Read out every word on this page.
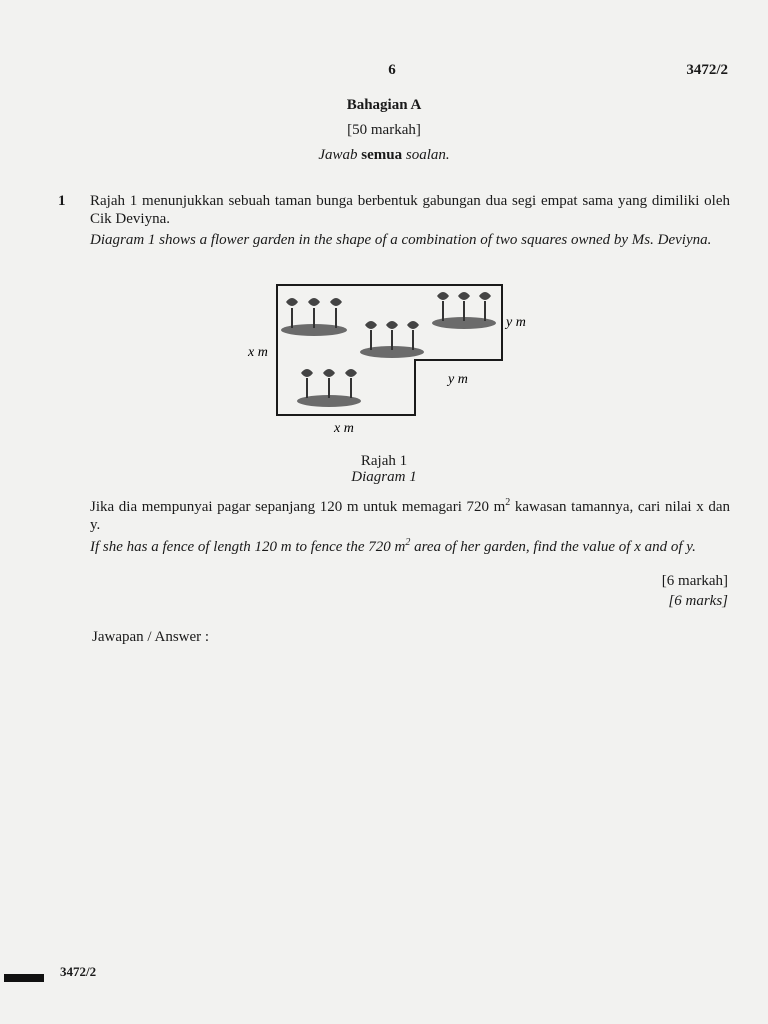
6	3472/2
Bahagian A
[50 markah]
Jawab semua soalan.
1 Rajah 1 menunjukkan sebuah taman bunga berbentuk gabungan dua segi empat sama yang dimiliki oleh Cik Deviyna.
Diagram 1 shows a flower garden in the shape of a combination of two squares owned by Ms. Deviyna.
x m
y m
y m
x m
Rajah 1
Diagram 1
Jika dia mempunyai pagar sepanjang 120 m untuk memagari 720 $m^2$ kawasan tamannya, cari nilai x dan y.
If she has a fence of length 120 m to fence the 720 $m^2$ area of her garden, find the value of x and of y.
[6 markah]
[6 marks]
Jawapan / Answer :
3472/2
